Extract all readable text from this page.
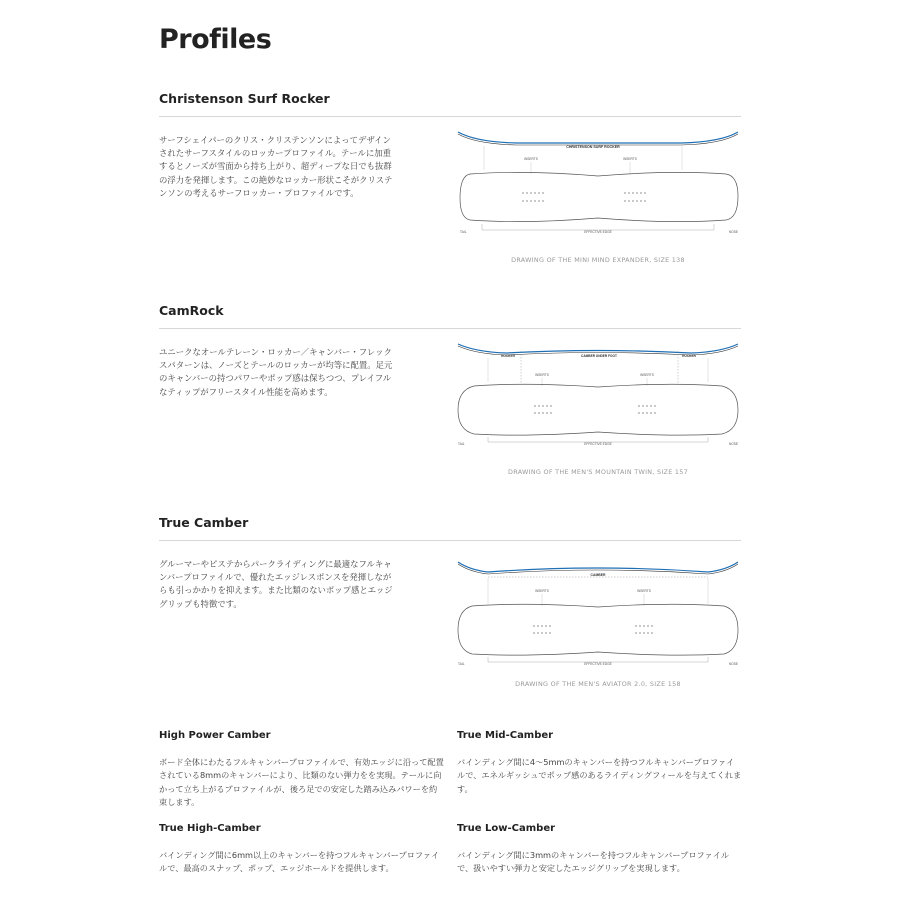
Profiles
Christenson Surf Rocker
サーフシェイパーのクリス・クリステンソンによってデザインされたサーフスタイルのロッカープロファイル。テールに加重するとノーズが雪面から持ち上がり、超ディープな日でも抜群の浮力を発揮します。この絶妙なロッカー形状こそがクリステンソンの考えるサーフロッカー・プロファイルです。
CHRISTENSON SURF ROCKER
INSERTS	INSERTS
TAIL	NOSE
EFFECTIVE EDGE
DRAWING OF THE MINI MIND EXPANDER, SIZE 138
CamRock
ユニークなオールテレーン・ロッカー／キャンバー・フレックスパターンは、ノーズとテールのロッカーが均等に配置。足元のキャンバーの持つパワーやポップ感は保ちつつ、プレイフルなティップがフリースタイル性能を高めます。
ROCKER	CAMBER UNDER FOOT	ROCKER
INSERTS	INSERTS
TAIL	NOSE
EFFECTIVE EDGE
DRAWING OF THE MEN'S MOUNTAIN TWIN, SIZE 157
True Camber
グルーマーやピステからパークライディングに最適なフルキャンバープロファイルで、優れたエッジレスポンスを発揮しながらも引っかかりを抑えます。また比類のないポップ感とエッジグリップも特徴です。
CAMBER
INSERTS	INSERTS
TAIL	NOSE
EFFECTIVE EDGE
DRAWING OF THE MEN'S AVIATOR 2.0, SIZE 158
High Power Camber
ボード全体にわたるフルキャンバープロファイルで、有効エッジに沿って配置されている8mmのキャンバーにより、比類のない弾力をを実現。テールに向かって立ち上がるプロファイルが、後ろ足での安定した踏み込みパワーを約束します。
True Mid-Camber
バインディング間に4〜5mmのキャンバーを持つフルキャンバープロファイルで、エネルギッシュでポップ感のあるライディングフィールを与えてくれます。
True High-Camber
バインディング間に6mm以上のキャンバーを持つフルキャンバープロファイルで、最高のスナップ、ポップ、エッジホールドを提供します。
True Low-Camber
バインディング間に3mmのキャンバーを持つフルキャンバープロファイルで、扱いやすい弾力と安定したエッジグリップを実現します。
